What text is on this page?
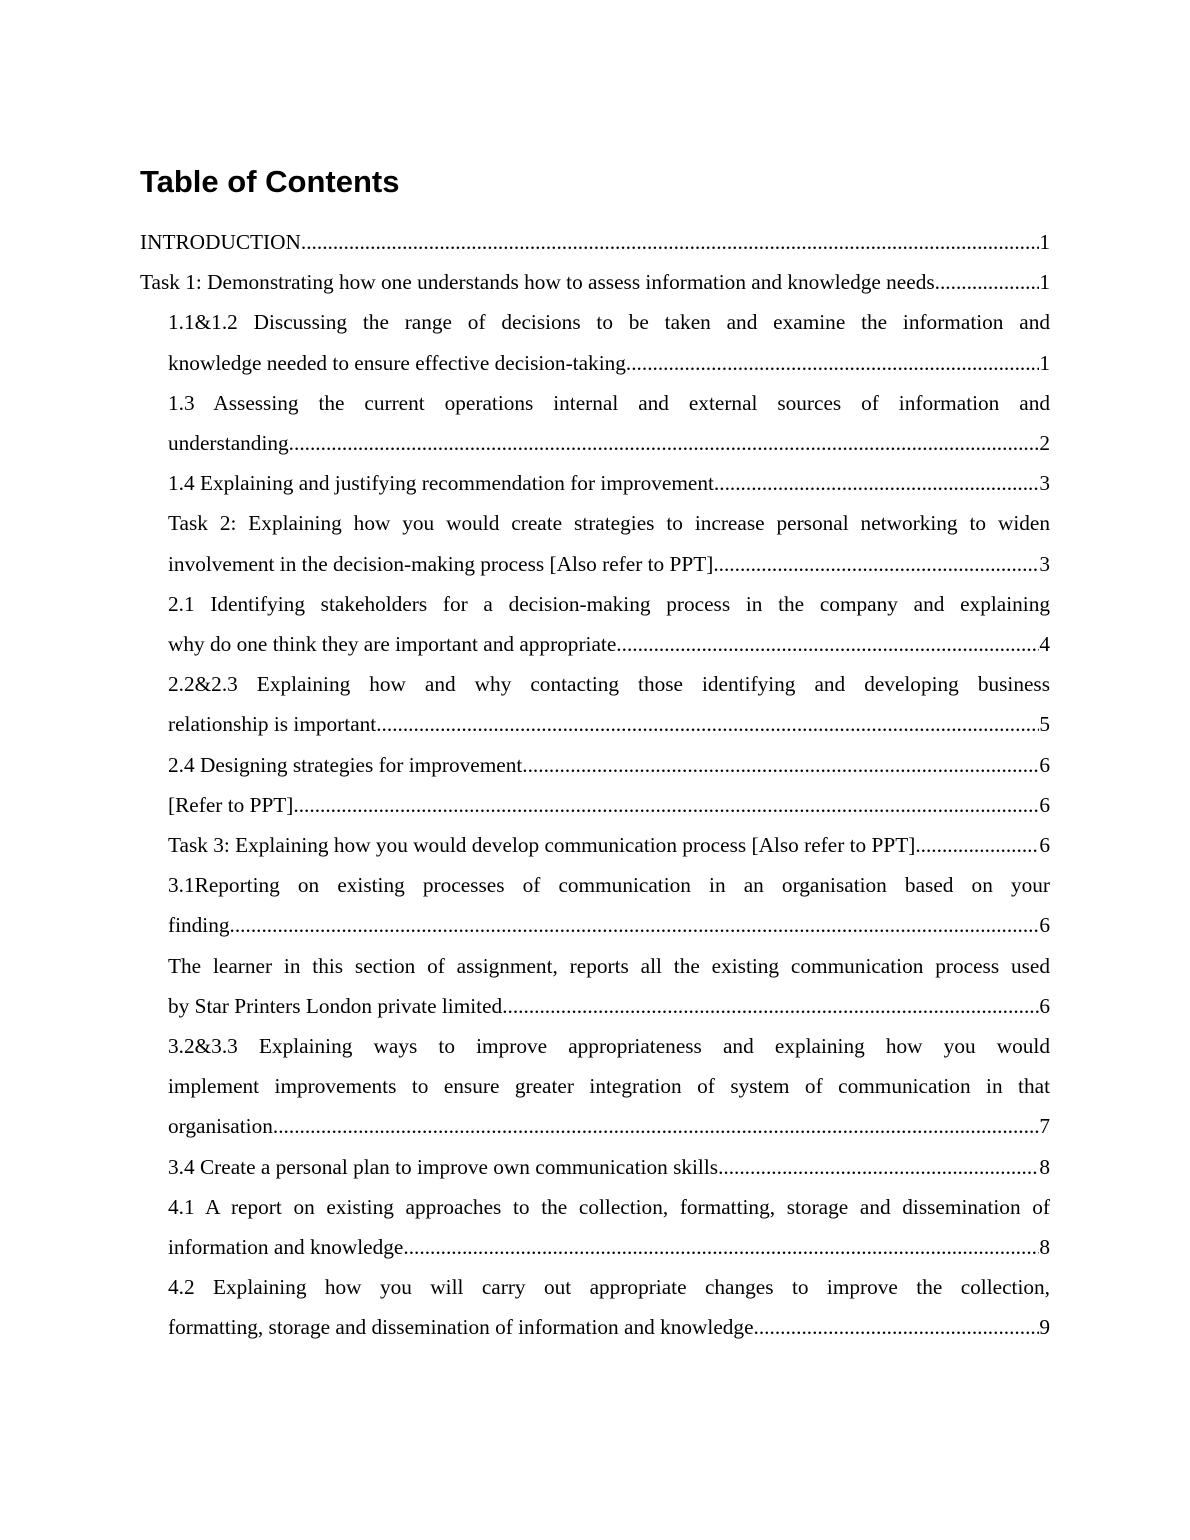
Table of Contents
INTRODUCTION .....	1
Task 1: Demonstrating how one understands how to assess information and knowledge needs .....	1
1.1&1.2 Discussing the range of decisions to be taken and examine the information and
knowledge needed to ensure effective decision-taking .....	1
1.3 Assessing the current operations internal and external sources of information and
understanding .....	2
1.4 Explaining and justifying recommendation for improvement .....	3
Task 2: Explaining how you would create strategies to increase personal networking to widen
involvement in the decision-making process [Also refer to PPT] .....	3
2.1 Identifying stakeholders for a decision-making process in the company and explaining
why do one think they are important and appropriate .....	4
2.2&2.3 Explaining how and why contacting those identifying and developing business
relationship is important .....	5
2.4 Designing strategies for improvement .....	6
[Refer to PPT] .....	6
Task 3: Explaining how you would develop communication process [Also refer to PPT] .....	6
3.1Reporting on existing processes of communication in an organisation based on your
finding .....	6
The learner in this section of assignment, reports all the existing communication process used
by Star Printers London private limited. .....	6
3.2&3.3 Explaining ways to improve appropriateness and explaining how you would
implement improvements to ensure greater integration of system of communication in that
organisation .....	7
3.4 Create a personal plan to improve own communication skills .....	8
4.1 A report on existing approaches to the collection, formatting, storage and dissemination of
information and knowledge .....	8
4.2 Explaining how you will carry out appropriate changes to improve the collection,
formatting, storage and dissemination of information and knowledge .....	9
